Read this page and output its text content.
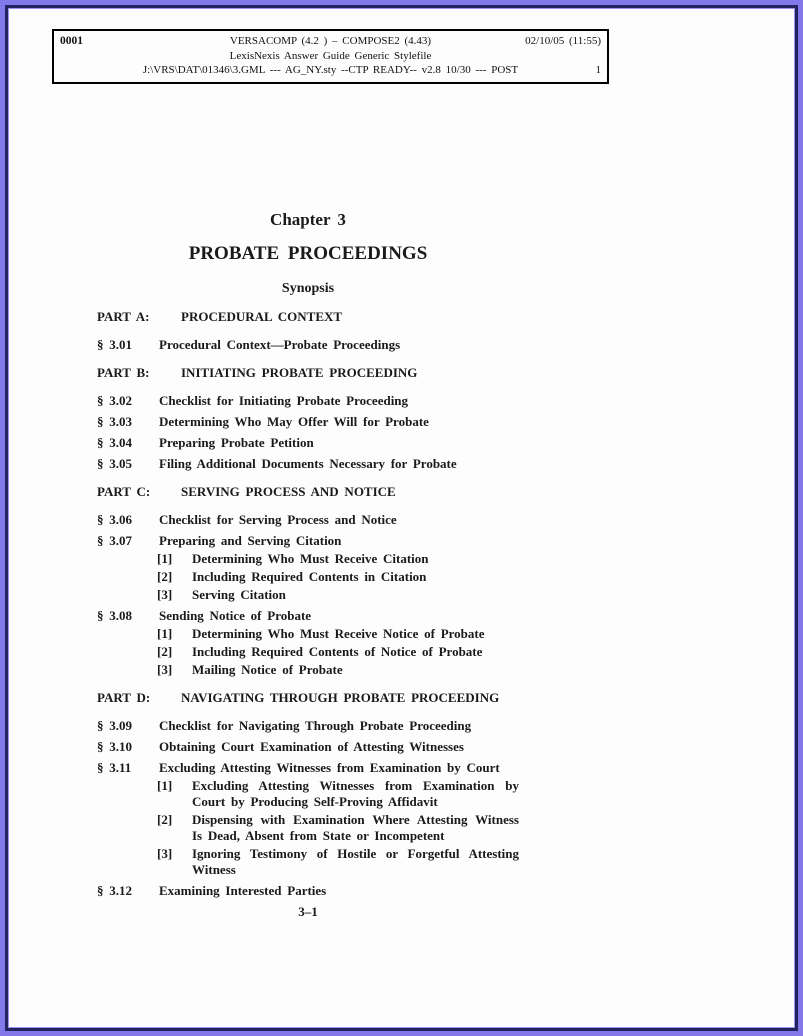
0001	VERSACOMP (4.2 ) – COMPOSE2 (4.43)	02/10/05 (11:55)
LexisNexis Answer Guide Generic Stylefile
J:\VRS\DAT\01346\3.GML --- AG_NY.sty --CTP READY-- v2.8 10/30 --- POST	1
Chapter 3
PROBATE PROCEEDINGS
Synopsis
PART A:	PROCEDURAL CONTEXT
§ 3.01	Procedural Context—Probate Proceedings
PART B:	INITIATING PROBATE PROCEEDING
§ 3.02	Checklist for Initiating Probate Proceeding
§ 3.03	Determining Who May Offer Will for Probate
§ 3.04	Preparing Probate Petition
§ 3.05	Filing Additional Documents Necessary for Probate
PART C:	SERVING PROCESS AND NOTICE
§ 3.06	Checklist for Serving Process and Notice
§ 3.07	Preparing and Serving Citation
[1]	Determining Who Must Receive Citation
[2]	Including Required Contents in Citation
[3]	Serving Citation
§ 3.08	Sending Notice of Probate
[1]	Determining Who Must Receive Notice of Probate
[2]	Including Required Contents of Notice of Probate
[3]	Mailing Notice of Probate
PART D:	NAVIGATING THROUGH PROBATE PROCEEDING
§ 3.09	Checklist for Navigating Through Probate Proceeding
§ 3.10	Obtaining Court Examination of Attesting Witnesses
§ 3.11	Excluding Attesting Witnesses from Examination by Court
[1]	Excluding Attesting Witnesses from Examination by Court by Producing Self-Proving Affidavit
[2]	Dispensing with Examination Where Attesting Witness Is Dead, Absent from State or Incompetent
[3]	Ignoring Testimony of Hostile or Forgetful Attesting Witness
§ 3.12	Examining Interested Parties
3–1
